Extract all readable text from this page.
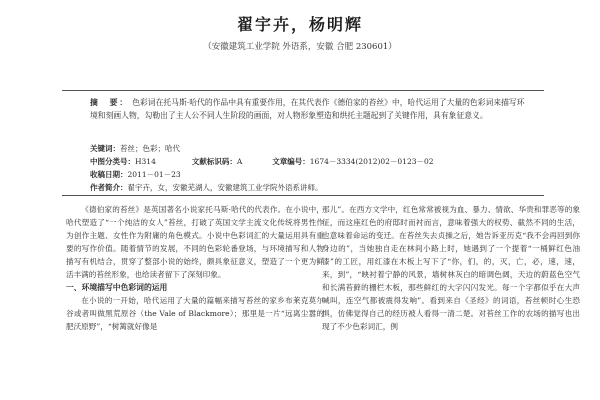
翟宇卉，杨明辉
（安徽建筑工业学院 外语系，安徽 合肥 230601）
摘　要： 色彩词在托马斯·哈代的作品中具有重要作用，在其代表作《德伯家的苔丝》中，哈代运用了大量的色彩词来描写环境和刻画人物，勾勒出了主人公不同人生阶段的画面，对人物形象塑造和烘托主题起到了关键作用，具有象征意义。
关键词：苔丝；色彩；哈代
中图分类号：H314	文献标识码：A	文章编号：1674－3334(2012)02－0123－02
收稿日期：2011－01－23
作者简介：翟宇卉，女，安徽芜湖人，安徽建筑工业学院外语系讲师。

《德伯家的苔丝》是英国著名小说家托马斯·哈代的代表作。在小说中，哈代塑造了“一个纯洁的女人”苔丝，打破了英国文学主流文化传统将男性作为创作主题、女性作为附庸的角色模式。小说中色彩词汇的大量运用具有重要的写作价值。随着情节的发展，不同的色彩轮番登场，与环境描写和人物描写有机结合，贯穿了整部小说的始终，颇具象征意义，塑造了一个更为鲜活丰满的苔丝形象，也给读者留下了深刻印象。

一、环境描写中色彩词的运用

在小说的一开始，哈代运用了大量的篇幅来描写苔丝的家乡布莱克莫尔谷或者叫做黑荒原谷（the Vale of Blackmore）；那里是一片“远离尘嚣的肥沃原野”，“树篱就好像是

那儿”。在西方文学中，红色常常被视为血、暴力、情欲、华贵和罪恶等的象征，而这座红色的府邸时而衬而言，意味着强大的权势、截然不同的生活，也意味着命运的变迁。在苔丝失去贞操之后，她告诉亚历克“我不会再回到你身边的”，当她独自走在林间小路上时，她遇到了一个提着“一桶鲜红色油漆”的工匠，用红漆在木板上写下了“你，们，的，灭，亡，必，速，速，来，到”，“映衬着宁静的风景，墙树林灰白的暗调色阔，天边的蔚蓝色空气和长满苔藓的栅栏木板，那些鲜红的大字闪闪发光。每一个字都似乎在大声喊叫，连空气都被震得发响”。看到来自《圣经》的词语，苔丝顿时心生恐惧，仿佛觉得自己的经历被人看得一清二楚。对苔丝工作的农场的描写也出现了不少色彩词汇，例
